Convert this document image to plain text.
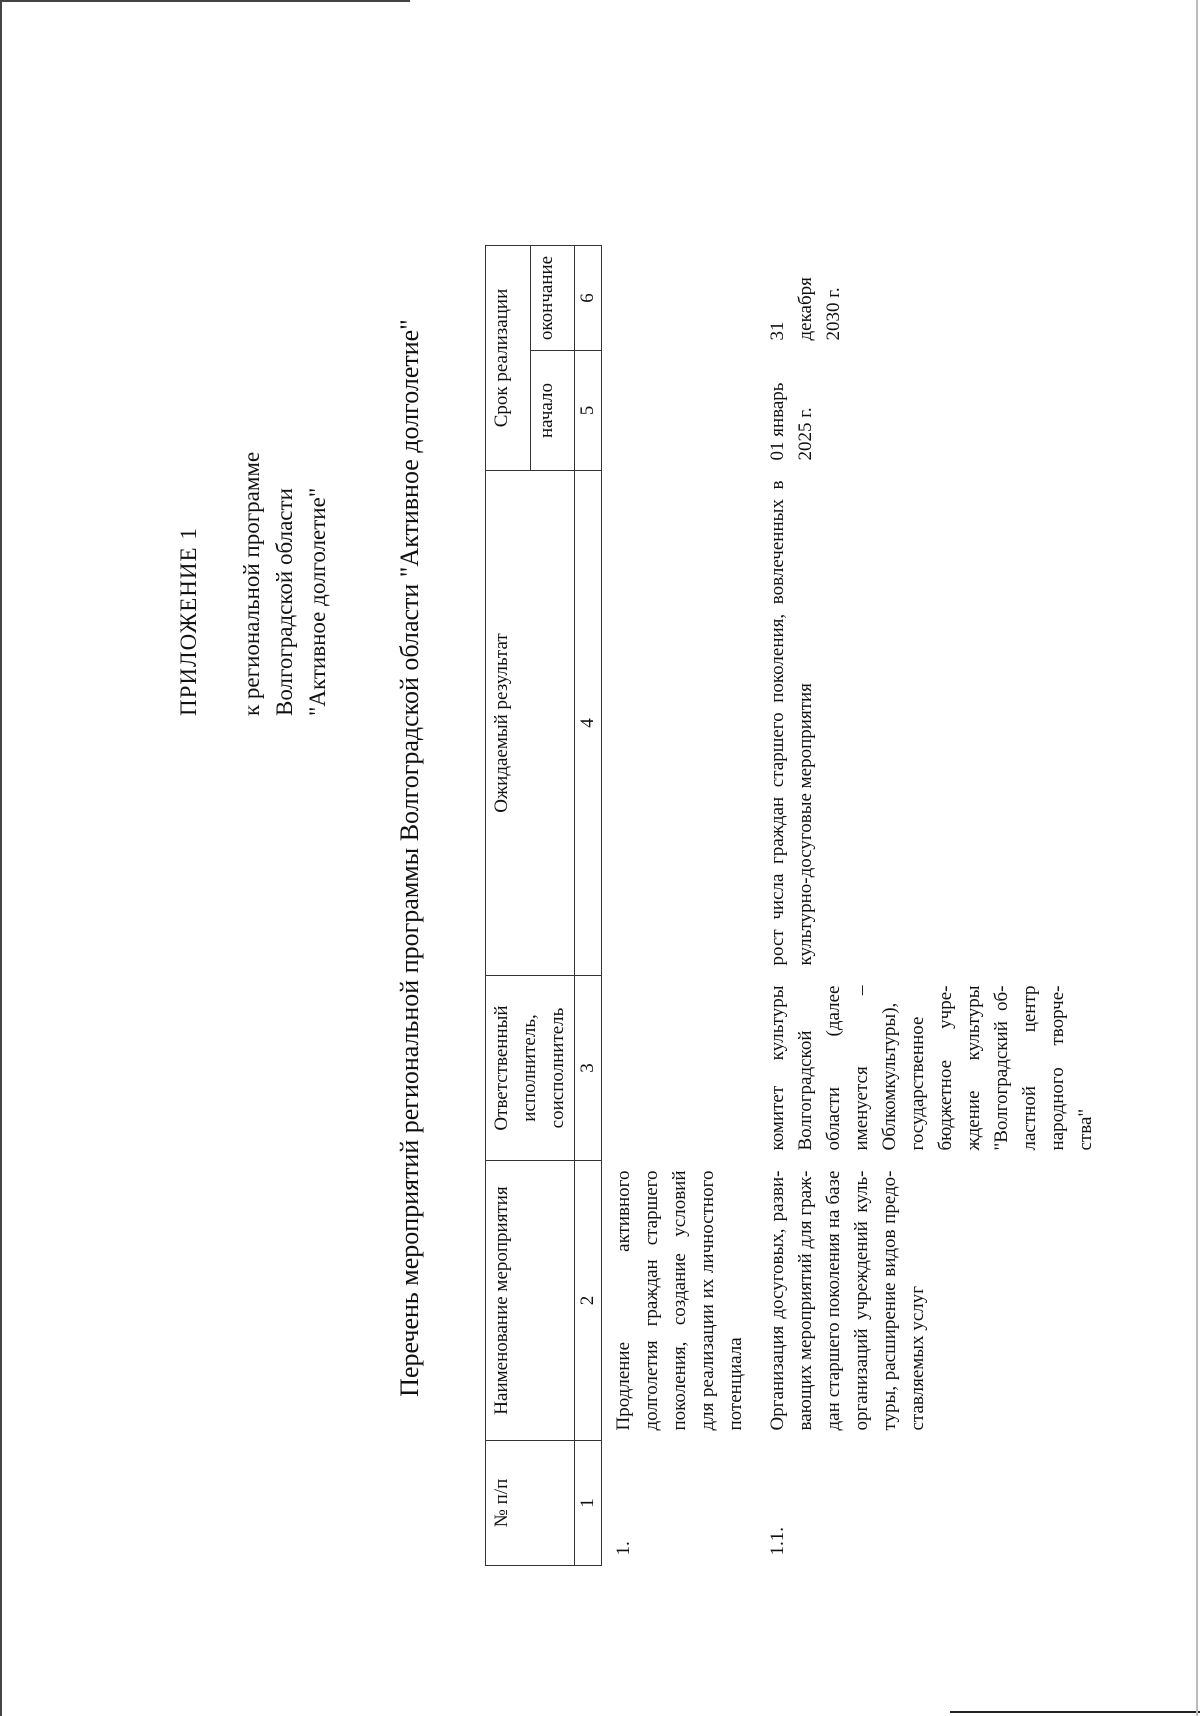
ПРИЛОЖЕНИЕ 1 к региональной программе Волгоградской области "Активное долголетие"	Перечень мероприятий региональной программы Волгоградской области "Активное долголетие"
№ п/п	Наименование мероприятия	Ответственный исполнитель, соисполнитель	Ожидаемый результат	Срок реализации	
				начало	окончание
1	2	3	4	5	6
1.	Продление активного долголетия граждан старшего поколения, создание условий для реализации их личностного потенциала				
1.1.	Организация досуговых, развивающих мероприятий для граждан старшего поколения на базе организаций учреждений культуры, расширение видов предоставляемых услуг	комитет культуры Волгоградской области (далее именуется – Облкомкультуры), государственное бюджетное учреждение культуры "Волгоградский областной центр народного творчества"	рост числа граждан старшего поколения, вовлеченных в культурно-досуговые мероприятия	01 январь 2025 г.	31 декабря 2030 г.
